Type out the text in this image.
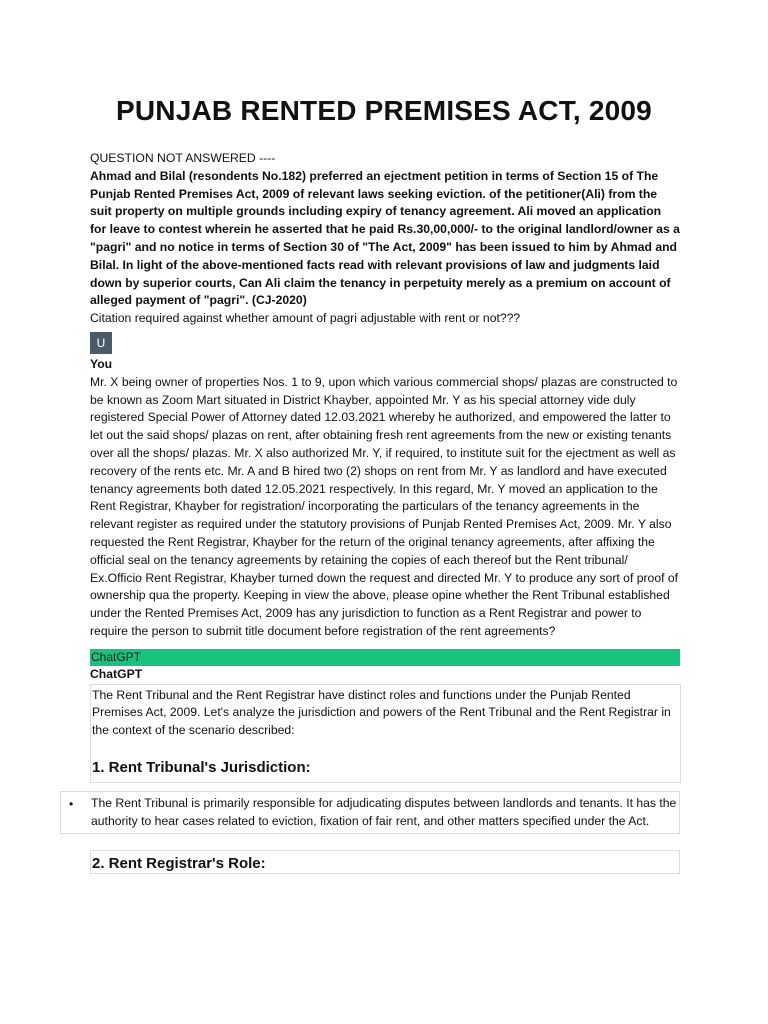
PUNJAB RENTED PREMISES ACT, 2009

QUESTION NOT ANSWERED ----

Ahmad and Bilal (resondents No.182) preferred an ejectment petition in terms of Section 15 of The Punjab Rented Premises Act, 2009 of relevant laws seeking eviction. of the petitioner(Ali) from the suit property on multiple grounds including expiry of tenancy agreement. Ali moved an application for leave to contest wherein he asserted that he paid Rs.30,00,000/- to the original landlord/owner as a "pagri" and no notice in terms of Section 30 of "The Act, 2009" has been issued to him by Ahmad and Bilal. In light of the above-mentioned facts read with relevant provisions of law and judgments laid down by superior courts, Can Ali claim the tenancy in perpetuity merely as a premium on account of alleged payment of "pagri". (CJ-2020)

Citation required against whether amount of pagri adjustable with rent or not???

U

You

Mr. X being owner of properties Nos. 1 to 9, upon which various commercial shops/ plazas are constructed to be known as Zoom Mart situated in District Khayber, appointed Mr. Y as his special attorney vide duly registered Special Power of Attorney dated 12.03.2021 whereby he authorized, and empowered the latter to let out the said shops/ plazas on rent, after obtaining fresh rent agreements from the new or existing tenants over all the shops/ plazas. Mr. X also authorized Mr. Y, if required, to institute suit for the ejectment as well as recovery of the rents etc. Mr. A and B hired two (2) shops on rent from Mr. Y as landlord and have executed tenancy agreements both dated 12.05.2021 respectively. In this regard, Mr. Y moved an application to the Rent Registrar, Khayber for registration/ incorporating the particulars of the tenancy agreements in the relevant register as required under the statutory provisions of Punjab Rented Premises Act, 2009. Mr. Y also requested the Rent Registrar, Khayber for the return of the original tenancy agreements, after affixing the official seal on the tenancy agreements by retaining the copies of each thereof but the Rent tribunal/ Ex.Officio Rent Registrar, Khayber turned down the request and directed Mr. Y to produce any sort of proof of ownership qua the property. Keeping in view the above, please opine whether the Rent Tribunal established under the Rented Premises Act, 2009 has any jurisdiction to function as a Rent Registrar and power to require the person to submit title document before registration of the rent agreements?

ChatGPT

ChatGPT

The Rent Tribunal and the Rent Registrar have distinct roles and functions under the Punjab Rented Premises Act, 2009. Let's analyze the jurisdiction and powers of the Rent Tribunal and the Rent Registrar in the context of the scenario described:

1. Rent Tribunal's Jurisdiction:

• The Rent Tribunal is primarily responsible for adjudicating disputes between landlords and tenants. It has the authority to hear cases related to eviction, fixation of fair rent, and other matters specified under the Act.

2. Rent Registrar's Role:
